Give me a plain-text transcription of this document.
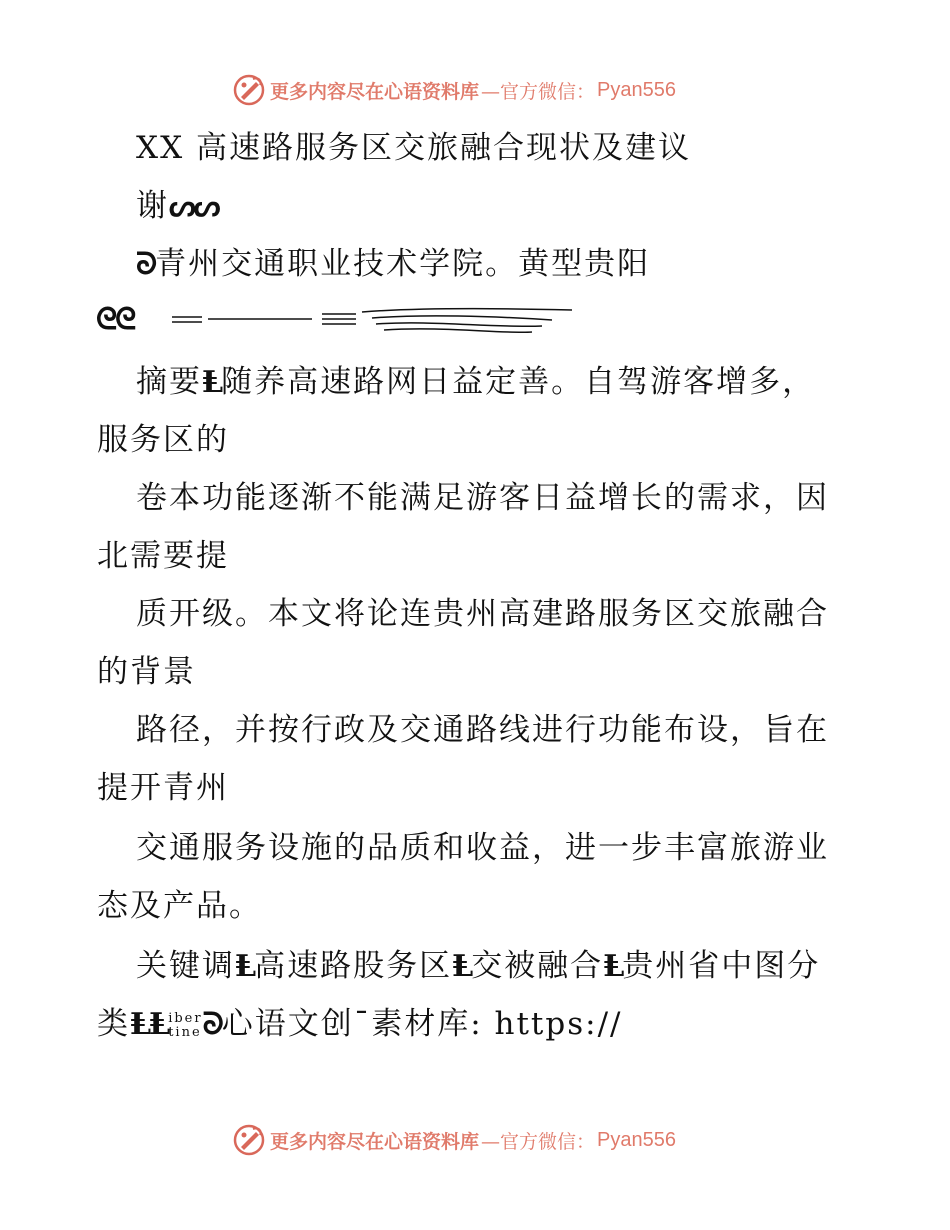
更多内容尽在心语资料库 —官方微信： Pyan556
XX 高速路服务区交旅融合现状及建议
谢ᔕᔕ
ᘐ青州交通职业技术学院。黄型贵阳
ᘓᘓ
摘要Ⱡ随养高速路网日益定善。自驾游客增多，
服务区的
卷本功能逐渐不能满足游客日益增长的需求，因
北需要提
质开级。本文将论连贵州高建路服务区交旅融合
的背景
路径，并按行政及交通路线进行功能布设，旨在
提开青州
交通服务设施的品质和收益，进一步丰富旅游业
态及产品。
关键调Ⱡ高速路股务区Ⱡ交被融合Ⱡ贵州省中图分
类ⱠⱠiber
tineᘐ心语文创¯素材库: https://
更多内容尽在心语资料库 —官方微信： Pyan556
